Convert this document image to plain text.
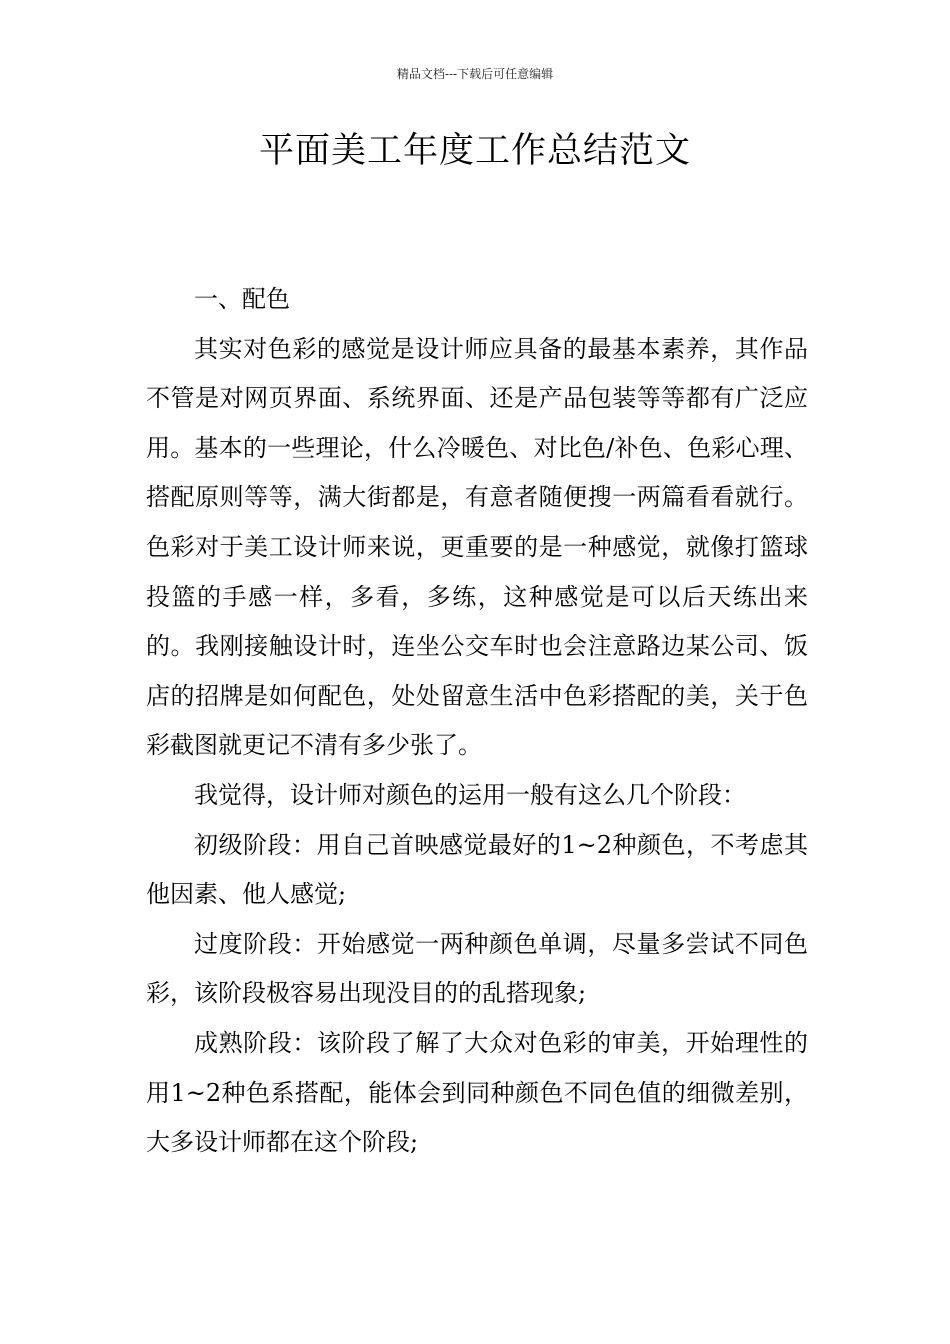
精品文档---下载后可任意编辑
平面美工年度工作总结范文

一、配色

其实对色彩的感觉是设计师应具备的最基本素养，其作品不管是对网页界面、系统界面、还是产品包装等等都有广泛应用。基本的一些理论，什么冷暖色、对比色/补色、色彩心理、搭配原则等等，满大街都是，有意者随便搜一两篇看看就行。色彩对于美工设计师来说，更重要的是一种感觉，就像打篮球投篮的手感一样，多看，多练，这种感觉是可以后天练出来的。我刚接触设计时，连坐公交车时也会注意路边某公司、饭店的招牌是如何配色，处处留意生活中色彩搭配的美，关于色彩截图就更记不清有多少张了。

我觉得，设计师对颜色的运用一般有这么几个阶段：

初级阶段：用自己首映感觉最好的1~2种颜色，不考虑其他因素、他人感觉;

过度阶段：开始感觉一两种颜色单调，尽量多尝试不同色彩，该阶段极容易出现没目的的乱搭现象;

成熟阶段：该阶段了解了大众对色彩的审美，开始理性的用1~2种色系搭配，能体会到同种颜色不同色值的细微差别，大多设计师都在这个阶段;
